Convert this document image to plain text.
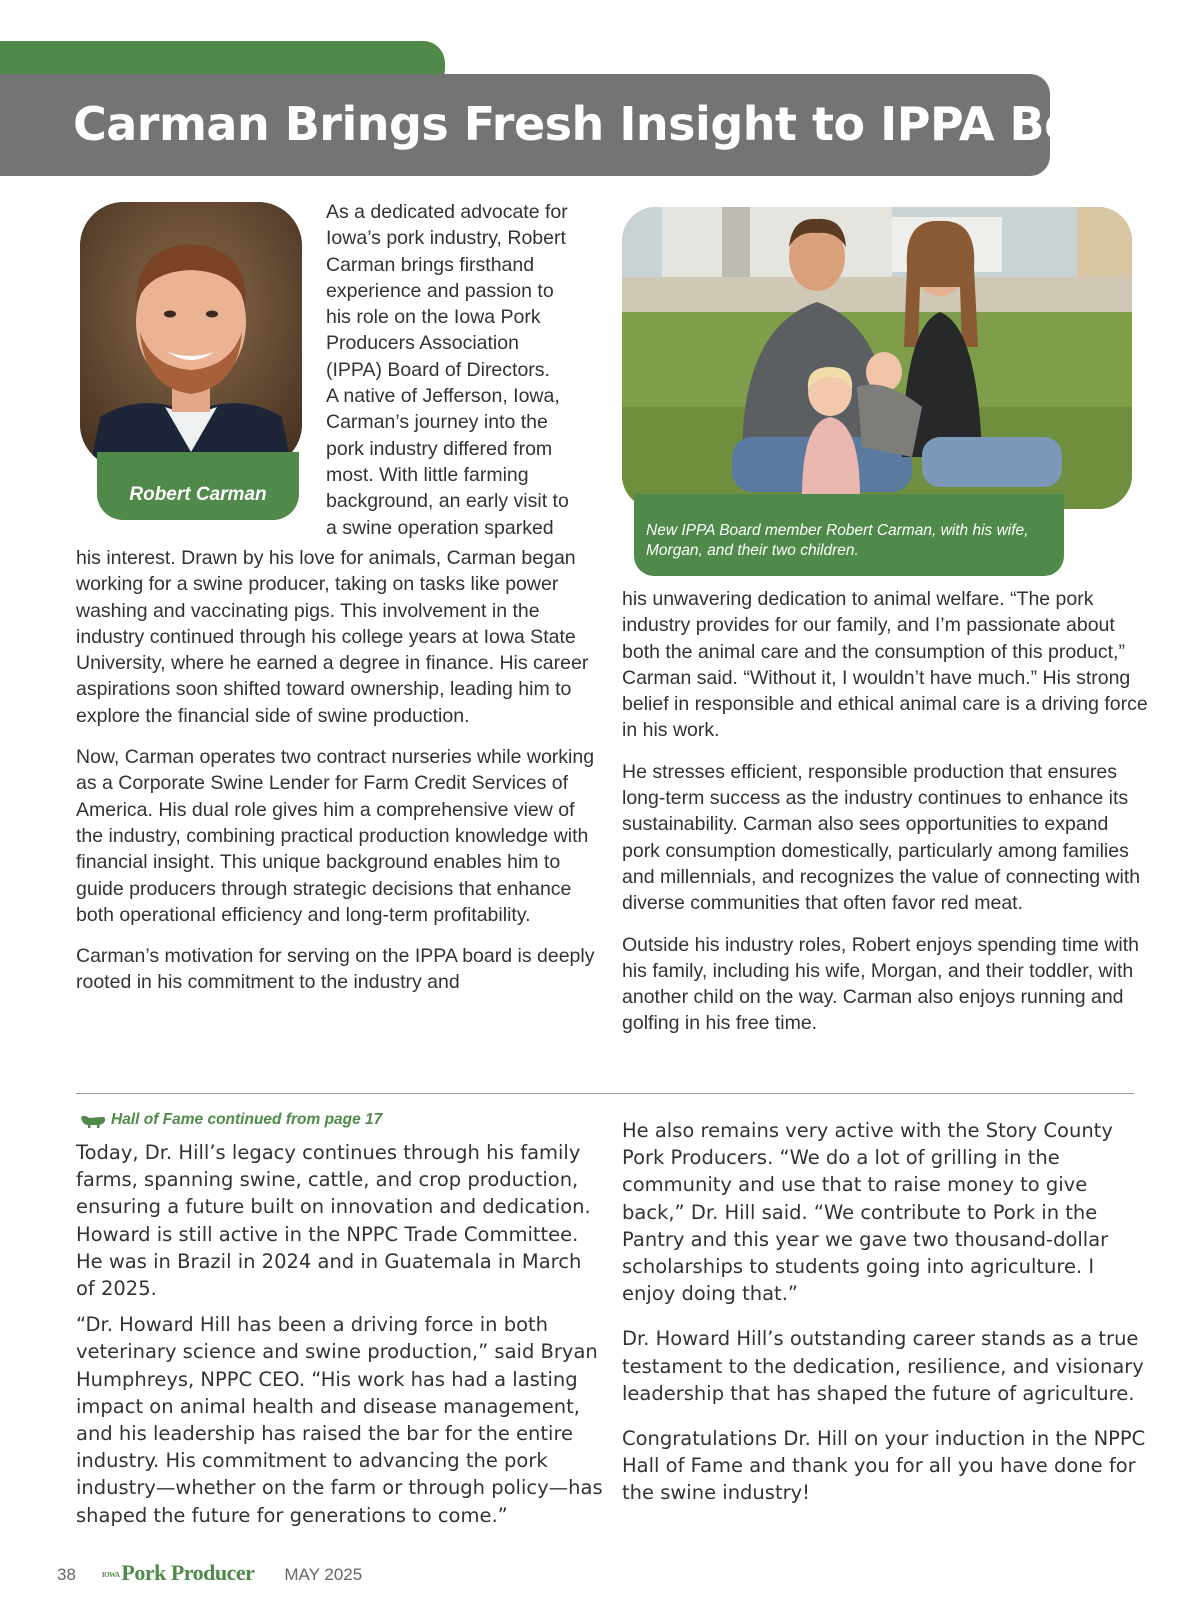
Carman Brings Fresh Insight to IPPA Board
Robert Carman
As a dedicated advocate for
Iowa’s pork industry, Robert
Carman brings firsthand
experience and passion to
his role on the Iowa Pork
Producers Association
(IPPA) Board of Directors.
A native of Jefferson, Iowa,
Carman’s journey into the
pork industry differed from
most. With little farming
background, an early visit to
a swine operation sparked

his interest. Drawn by his love for animals, Carman began working for a swine producer, taking on tasks like power washing and vaccinating pigs. This involvement in the industry continued through his college years at Iowa State University, where he earned a degree in finance. His career aspirations soon shifted toward ownership, leading him to explore the financial side of swine production.

Now, Carman operates two contract nurseries while working as a Corporate Swine Lender for Farm Credit Services of America. His dual role gives him a comprehensive view of the industry, combining practical production knowledge with financial insight. This unique background enables him to guide producers through strategic decisions that enhance both operational efficiency and long-term profitability.

Carman’s motivation for serving on the IPPA board is deeply rooted in his commitment to the industry and

New IPPA Board member Robert Carman, with his wife, Morgan, and their two children.

his unwavering dedication to animal welfare. “The pork industry provides for our family, and I’m passionate about both the animal care and the consumption of this product,” Carman said. “Without it, I wouldn’t have much.” His strong belief in responsible and ethical animal care is a driving force in his work.

He stresses efficient, responsible production that ensures long-term success as the industry continues to enhance its sustainability. Carman also sees opportunities to expand pork consumption domestically, particularly among families and millennials, and recognizes the value of connecting with diverse communities that often favor red meat.

Outside his industry roles, Robert enjoys spending time with his family, including his wife, Morgan, and their toddler, with another child on the way. Carman also enjoys running and golfing in his free time.

Hall of Fame continued from page 17

Today, Dr. Hill’s legacy continues through his family farms, spanning swine, cattle, and crop production, ensuring a future built on innovation and dedication. Howard is still active in the NPPC Trade Committee. He was in Brazil in 2024 and in Guatemala in March of 2025.

“Dr. Howard Hill has been a driving force in both veterinary science and swine production,” said Bryan Humphreys, NPPC CEO. “His work has had a lasting impact on animal health and disease management, and his leadership has raised the bar for the entire industry. His commitment to advancing the pork industry—whether on the farm or through policy—has shaped the future for generations to come.”

He also remains very active with the Story County Pork Producers. “We do a lot of grilling in the community and use that to raise money to give back,” Dr. Hill said. “We contribute to Pork in the Pantry and this year we gave two thousand-dollar scholarships to students going into agriculture. I enjoy doing that.”

Dr. Howard Hill’s outstanding career stands as a true testament to the dedication, resilience, and visionary leadership that has shaped the future of agriculture.

Congratulations Dr. Hill on your induction in the NPPC Hall of Fame and thank you for all you have done for the swine industry!

38	IOWAPork Producer MAY 2025
